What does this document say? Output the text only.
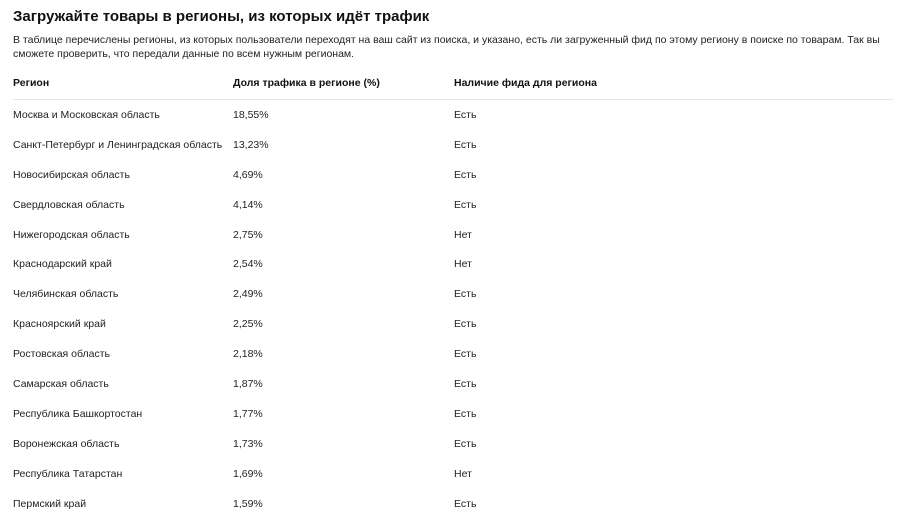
Загружайте товары в регионы, из которых идёт трафик
В таблице перечислены регионы, из которых пользователи переходят на ваш сайт из поиска, и указано, есть ли загруженный фид по этому региону в поиске по товарам. Так вы сможете проверить, что передали данные по всем нужным регионам.
Регион	Доля трафика в регионе (%)	Наличие фида для региона
Москва и Московская область	18,55%	Есть
Санкт-Петербург и Ленинградская область 13,23%	Есть
Новосибирская область	4,69%	Есть
Свердловская область	4,14%	Есть
Нижегородская область	2,75%	Нет
Краснодарский край	2,54%	Нет
Челябинская область	2,49%	Есть
Красноярский край	2,25%	Есть
Ростовская область	2,18%	Есть
Самарская область	1,87%	Есть
Республика Башкортостан	1,77%	Есть
Воронежская область	1,73%	Есть
Республика Татарстан	1,69%	Нет
Пермский край	1,59%	Есть
